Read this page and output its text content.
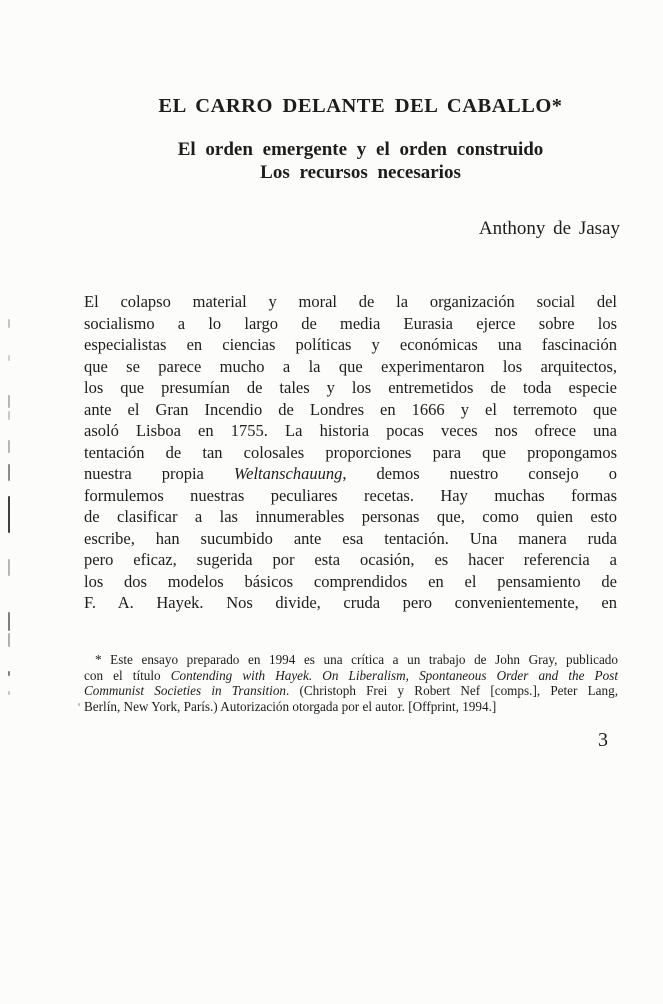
EL CARRO DELANTE DEL CABALLO*
El orden emergente y el orden construido
Los recursos necesarios
Anthony de Jasay
El colapso material y moral de la organización social del
socialismo a lo largo de media Eurasia ejerce sobre los
especialistas en ciencias políticas y económicas una fascinación
que se parece mucho a la que experimentaron los arquitectos,
los que presumían de tales y los entremetidos de toda especie
ante el Gran Incendio de Londres en 1666 y el terremoto que
asoló Lisboa en 1755. La historia pocas veces nos ofrece una
tentación de tan colosales proporciones para que propongamos
nuestra propia Weltanschauung, demos nuestro consejo o
formulemos nuestras peculiares recetas. Hay muchas formas
de clasificar a las innumerables personas que, como quien esto
escribe, han sucumbido ante esa tentación. Una manera ruda
pero eficaz, sugerida por esta ocasión, es hacer referencia a
los dos modelos básicos comprendidos en el pensamiento de
F. A. Hayek. Nos divide, cruda pero convenientemente, en
* Este ensayo preparado en 1994 es una crítica a un trabajo de John Gray, publicado
con el título Contending with Hayek. On Liberalism, Spontaneous Order and the Post
Communist Societies in Transition. (Christoph Frei y Robert Nef [comps.], Peter Lang,
Berlín, New York, París.) Autorización otorgada por el autor. [Offprint, 1994.]
3
